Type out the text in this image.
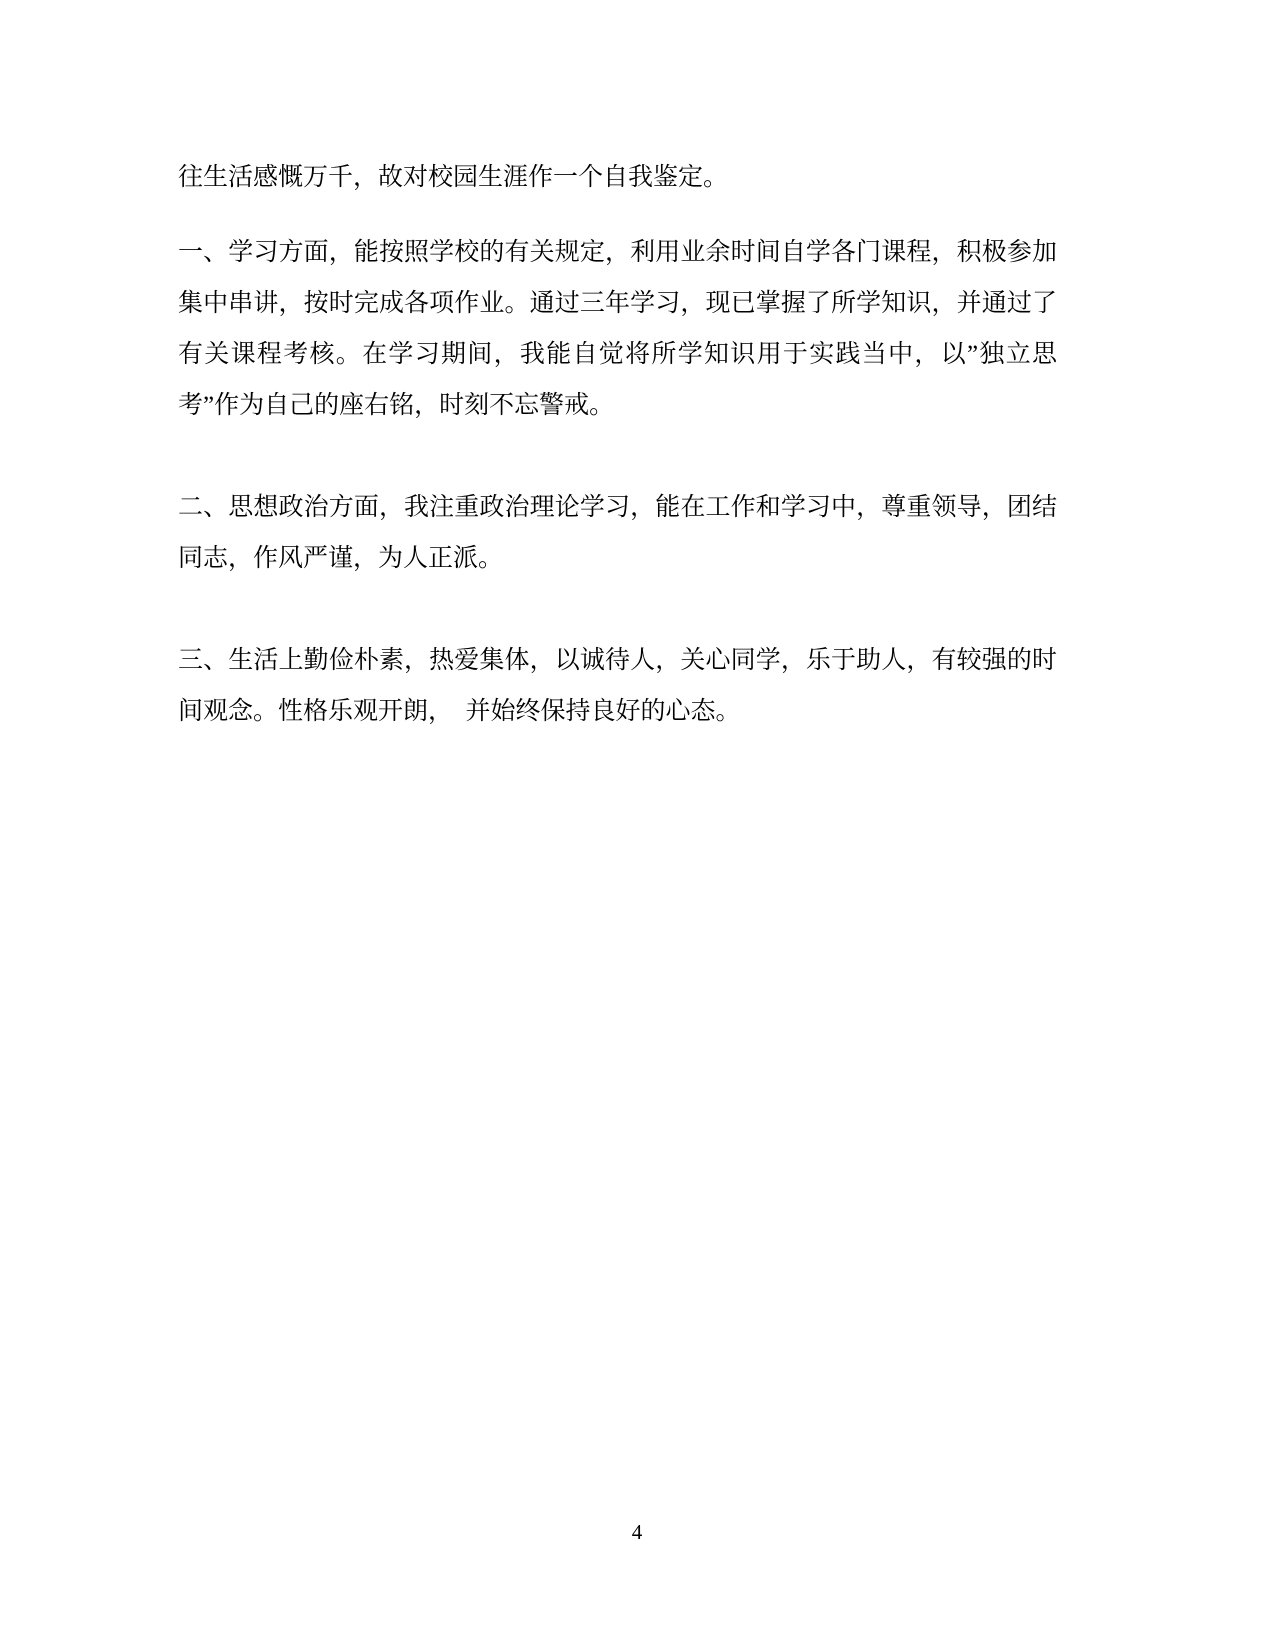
往生活感慨万千，故对校园生涯作一个自我鉴定。

一、学习方面，能按照学校的有关规定，利用业余时间自学各门课程，积极参加集中串讲，按时完成各项作业。通过三年学习，现已掌握了所学知识，并通过了有关课程考核。在学习期间，我能自觉将所学知识用于实践当中，以”独立思考”作为自己的座右铭，时刻不忘警戒。

二、思想政治方面，我注重政治理论学习，能在工作和学习中，尊重领导，团结同志，作风严谨，为人正派。

三、生活上勤俭朴素，热爱集体，以诚待人，关心同学，乐于助人，有较强的时间观念。性格乐观开朗，　并始终保持良好的心态。

4
